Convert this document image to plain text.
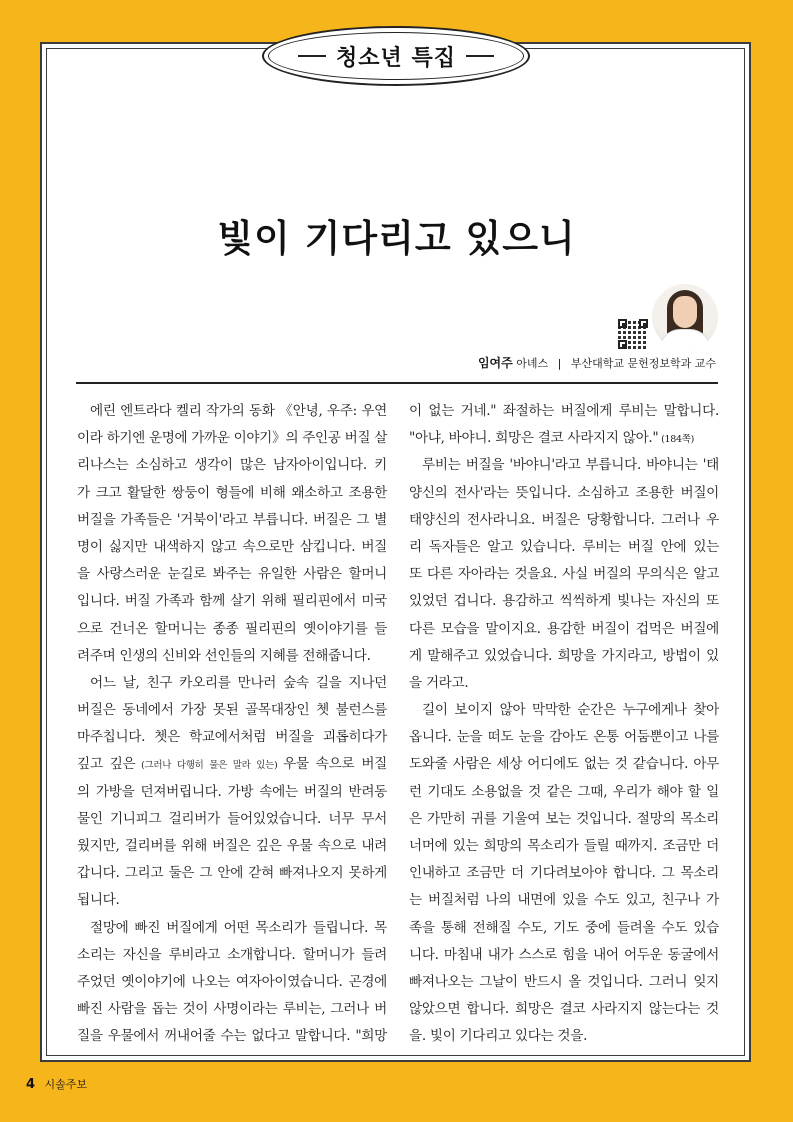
청소년 특집
빛이 기다리고 있으니
임여주 아녜스 | 부산대학교 문헌정보학과 교수
에린 엔트라다 켈리 작가의 동화 《안녕, 우주: 우연
이라 하기엔 운명에 가까운 이야기》의 주인공 버질 살
리나스는 소심하고 생각이 많은 남자아이입니다. 키
가 크고 활달한 쌍둥이 형들에 비해 왜소하고 조용한
버질을 가족들은 '거북이'라고 부릅니다. 버질은 그 별
명이 싫지만 내색하지 않고 속으로만 삼킵니다. 버질
을 사랑스러운 눈길로 봐주는 유일한 사람은 할머니
입니다. 버질 가족과 함께 살기 위해 필리핀에서 미국
으로 건너온 할머니는 종종 필리핀의 옛이야기를 들
려주며 인생의 신비와 선인들의 지혜를 전해줍니다.
어느 날, 친구 카오리를 만나러 숲속 길을 지나던
버질은 동네에서 가장 못된 골목대장인 쳇 불런스를
마주칩니다. 쳇은 학교에서처럼 버질을 괴롭히다가
깊고 깊은 (그러나 다행히 물은 말라 있는) 우물 속으로 버질
의 가방을 던져버립니다. 가방 속에는 버질의 반려동
물인 기니피그 걸리버가 들어있었습니다. 너무 무서
웠지만, 걸리버를 위해 버질은 깊은 우물 속으로 내려
갑니다. 그리고 둘은 그 안에 갇혀 빠져나오지 못하게
됩니다.
절망에 빠진 버질에게 어떤 목소리가 들립니다. 목
소리는 자신을 루비라고 소개합니다. 할머니가 들려
주었던 옛이야기에 나오는 여자아이였습니다. 곤경에
빠진 사람을 돕는 것이 사명이라는 루비는, 그러나 버
질을 우물에서 꺼내어줄 수는 없다고 말합니다. "희망
이 없는 거네." 좌절하는 버질에게 루비는 말합니다.
"아냐, 바야니. 희망은 결코 사라지지 않아." (184쪽)
루비는 버질을 '바야니'라고 부릅니다. 바야니는 '태
양신의 전사'라는 뜻입니다. 소심하고 조용한 버질이
태양신의 전사라니요. 버질은 당황합니다. 그러나 우
리 독자들은 알고 있습니다. 루비는 버질 안에 있는
또 다른 자아라는 것을요. 사실 버질의 무의식은 알고
있었던 겁니다. 용감하고 씩씩하게 빛나는 자신의 또
다른 모습을 말이지요. 용감한 버질이 겁먹은 버질에
게 말해주고 있었습니다. 희망을 가지라고, 방법이 있
을 거라고.
길이 보이지 않아 막막한 순간은 누구에게나 찾아
옵니다. 눈을 떠도 눈을 감아도 온통 어둠뿐이고 나를
도와줄 사람은 세상 어디에도 없는 것 같습니다. 아무
런 기대도 소용없을 것 같은 그때, 우리가 해야 할 일
은 가만히 귀를 기울여 보는 것입니다. 절망의 목소리
너머에 있는 희망의 목소리가 들릴 때까지. 조금만 더
인내하고 조금만 더 기다려보아야 합니다. 그 목소리
는 버질처럼 나의 내면에 있을 수도 있고, 친구나 가
족을 통해 전해질 수도, 기도 중에 들려올 수도 있습
니다. 마침내 내가 스스로 힘을 내어 어두운 동굴에서
빠져나오는 그날이 반드시 올 것입니다. 그러니 잊지
않았으면 합니다. 희망은 결코 사라지지 않는다는 것
을. 빛이 기다리고 있다는 것을.
4 시솔주보
